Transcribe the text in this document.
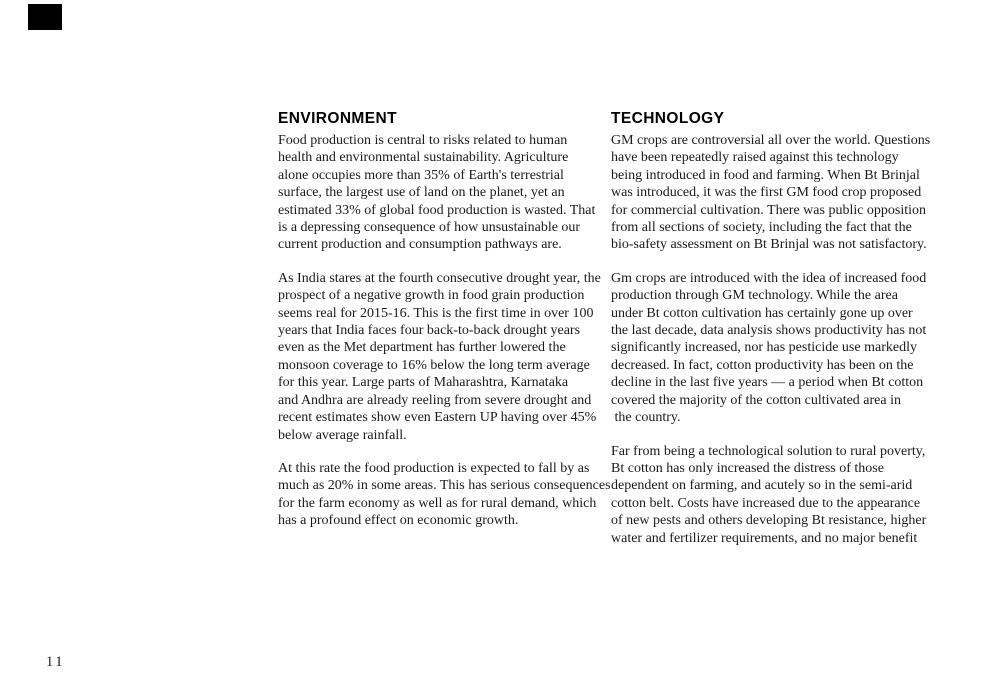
ENVIRONMENT
Food production is central to risks related to human
health and environmental sustainability. Agriculture
alone occupies more than 35% of Earth's terrestrial
surface, the largest use of land on the planet, yet an
estimated 33% of global food production is wasted. That
is a depressing consequence of how unsustainable our
current production and consumption pathways are.
As India stares at the fourth consecutive drought year, the
prospect of a negative growth in food grain production
seems real for 2015-16. This is the first time in over 100
years that India faces four back-to-back drought years
even as the Met department has further lowered the
monsoon coverage to 16% below the long term average
for this year. Large parts of Maharashtra, Karnataka
and Andhra are already reeling from severe drought and
recent estimates show even Eastern UP having over 45%
below average rainfall.
At this rate the food production is expected to fall by as
much as 20% in some areas. This has serious consequences
for the farm economy as well as for rural demand, which
has a profound effect on economic growth.
TECHNOLOGY
GM crops are controversial all over the world. Questions
have been repeatedly raised against this technology
being introduced in food and farming. When Bt Brinjal
was introduced, it was the first GM food crop proposed
for commercial cultivation. There was public opposition
from all sections of society, including the fact that the
bio-safety assessment on Bt Brinjal was not satisfactory.
Gm crops are introduced with the idea of increased food
production through GM technology. While the area
under Bt cotton cultivation has certainly gone up over
the last decade, data analysis shows productivity has not
significantly increased, nor has pesticide use markedly
decreased. In fact, cotton productivity has been on the
decline in the last five years — a period when Bt cotton
covered the majority of the cotton cultivated area in
the country.
Far from being a technological solution to rural poverty,
Bt cotton has only increased the distress of those
dependent on farming, and acutely so in the semi-arid
cotton belt. Costs have increased due to the appearance
of new pests and others developing Bt resistance, higher
water and fertilizer requirements, and no major benefit
11
